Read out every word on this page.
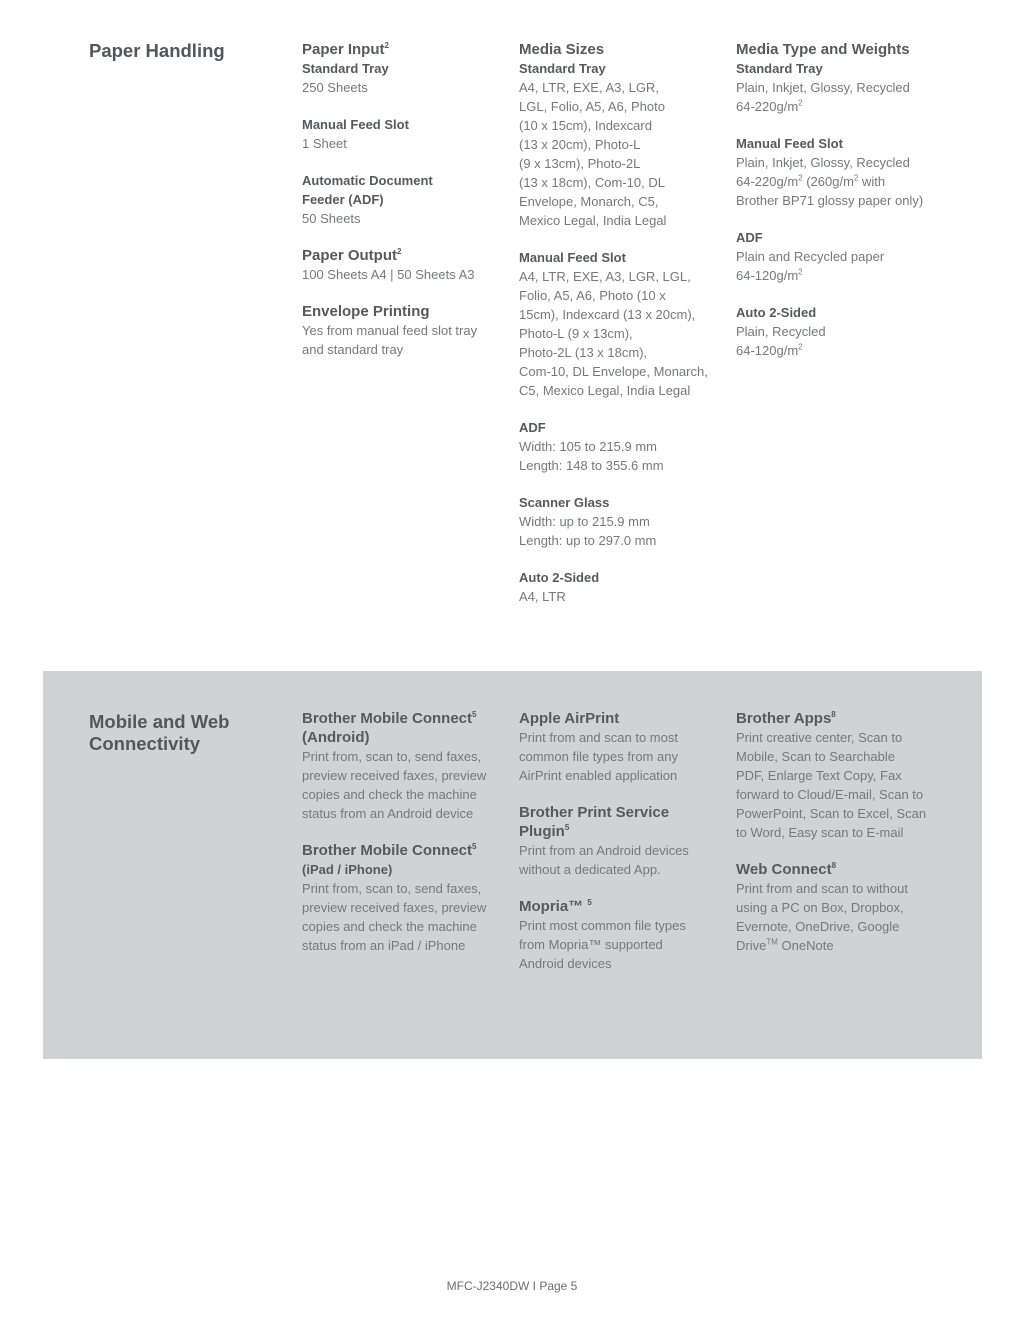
Paper Handling	Paper Input$^2$
Standard Tray
250 Sheets
Manual Feed Slot
1 Sheet
Automatic Document
Feeder (ADF)
50 Sheets
Paper Output$^2$
100 Sheets A4 | 50 Sheets A3
Envelope Printing
Yes from manual feed slot tray
and standard tray
Media Sizes
Standard Tray
A4, LTR, EXE, A3, LGR,
LGL, Folio, A5, A6, Photo
(10 x 15cm), Indexcard
(13 x 20cm), Photo-L
(9 x 13cm), Photo-2L
(13 x 18cm), Com-10, DL
Envelope, Monarch, C5,
Mexico Legal, India Legal
Manual Feed Slot
A4, LTR, EXE, A3, LGR, LGL,
Folio, A5, A6, Photo (10 x
15cm), Indexcard (13 x 20cm),
Photo-L (9 x 13cm),
Photo-2L (13 x 18cm),
Com-10, DL Envelope, Monarch,
C5, Mexico Legal, India Legal
ADF
Width: 105 to 215.9 mm
Length: 148 to 355.6 mm
Scanner Glass
Width: up to 215.9 mm
Length: up to 297.0 mm
Auto 2-Sided
A4, LTR
Media Type and Weights
Standard Tray
Plain, Inkjet, Glossy, Recycled
$64-220g/m^2$
Manual Feed Slot
Plain, Inkjet, Glossy, Recycled
$64-220g/m^2$ ($260g/m^2$ with
Brother BP71 glossy paper only)
ADF
Plain and Recycled paper
$64-120g/m^2$
Auto 2-Sided
Plain, Recycled
$64-120g/m^2$
Mobile and Web
Connectivity
Brother Mobile Connect$^5$
(Android)
Print from, scan to, send faxes,
preview received faxes, preview
copies and check the machine
status from an Android device
Brother Mobile Connect$^5$
(iPad / iPhone)
Print from, scan to, send faxes,
preview received faxes, preview
copies and check the machine
status from an iPad / iPhone
Apple AirPrint
Print from and scan to most
common file types from any
AirPrint enabled application
Brother Print Service
Plugin$^5$
Print from an Android devices
without a dedicated App.
Mopria™ $^5$
Print most common file types
from Mopria™ supported
Android devices
Brother Apps$^8$
Print creative center, Scan to
Mobile, Scan to Searchable
PDF, Enlarge Text Copy, Fax
forward to Cloud/E-mail, Scan to
PowerPoint, Scan to Excel, Scan
to Word, Easy scan to E-mail
Web Connect$^8$
Print from and scan to without
using a PC on Box, Dropbox,
Evernote, OneDrive, Google
Drive™ OneNote
MFC-J2340DW I Page 5
